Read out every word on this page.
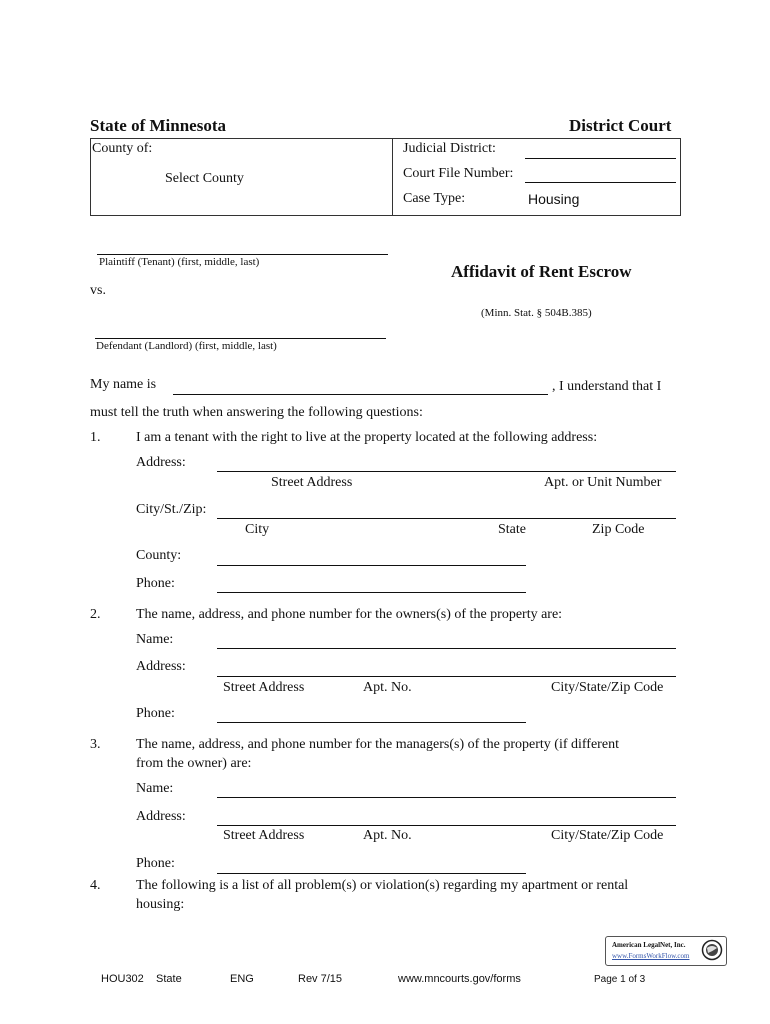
State of Minnesota	District Court
County of:
Select County
Judicial District:
Court File Number:
Case Type:	Housing
Plaintiff (Tenant) (first, middle, last)
vs.
Defendant (Landlord) (first, middle, last)
Affidavit of Rent Escrow
(Minn. Stat. § 504B.385)
My name is	, I understand that I
must tell the truth when answering the following questions:
1.	I am a tenant with the right to live at the property located at the following address:
Address:
Street Address	Apt. or Unit Number
City/St./Zip:
City	State	Zip Code
County:
Phone:
2.	The name, address, and phone number for the owners(s) of the property are:
Name:
Address:
Street Address	Apt. No.	City/State/Zip Code
Phone:
3.	The name, address, and phone number for the managers(s) of the property (if different
from the owner) are:
Name:
Address:
Street Address	Apt. No.	City/State/Zip Code
Phone:
4.	The following is a list of all problem(s) or violation(s) regarding my apartment or rental
housing:
American LegalNet, Inc.
www.FormsWorkFlow.com
HOU302 State	ENG	Rev 7/15	www.mncourts.gov/forms	Page 1 of 3
